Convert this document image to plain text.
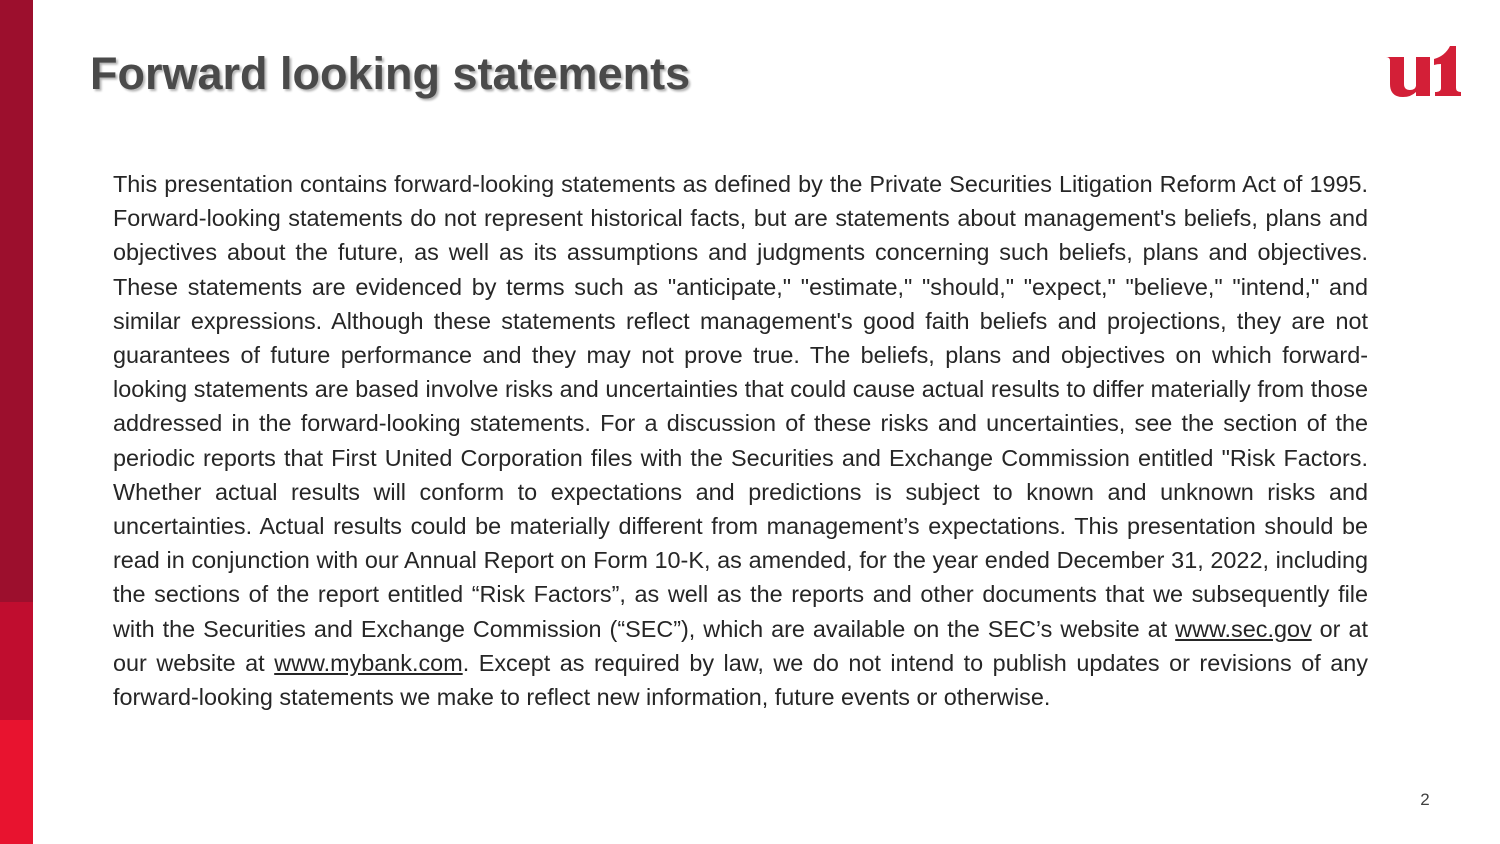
Forward looking statements

This presentation contains forward-looking statements as defined by the Private Securities Litigation Reform Act of 1995. Forward-looking statements do not represent historical facts, but are statements about management's beliefs, plans and objectives about the future, as well as its assumptions and judgments concerning such beliefs, plans and objectives. These statements are evidenced by terms such as "anticipate," "estimate," "should," "expect," "believe," "intend," and similar expressions. Although these statements reflect management's good faith beliefs and projections, they are not guarantees of future performance and they may not prove true. The beliefs, plans and objectives on which forward-looking statements are based involve risks and uncertainties that could cause actual results to differ materially from those addressed in the forward-looking statements. For a discussion of these risks and uncertainties, see the section of the periodic reports that First United Corporation files with the Securities and Exchange Commission entitled "Risk Factors. Whether actual results will conform to expectations and predictions is subject to known and unknown risks and uncertainties. Actual results could be materially different from management’s expectations. This presentation should be read in conjunction with our Annual Report on Form 10-K, as amended, for the year ended December 31, 2022, including the sections of the report entitled “Risk Factors”, as well as the reports and other documents that we subsequently file with the Securities and Exchange Commission (“SEC”), which are available on the SEC’s website at www.sec.gov or at our website at www.mybank.com. Except as required by law, we do not intend to publish updates or revisions of any forward-looking statements we make to reflect new information, future events or otherwise.

2
